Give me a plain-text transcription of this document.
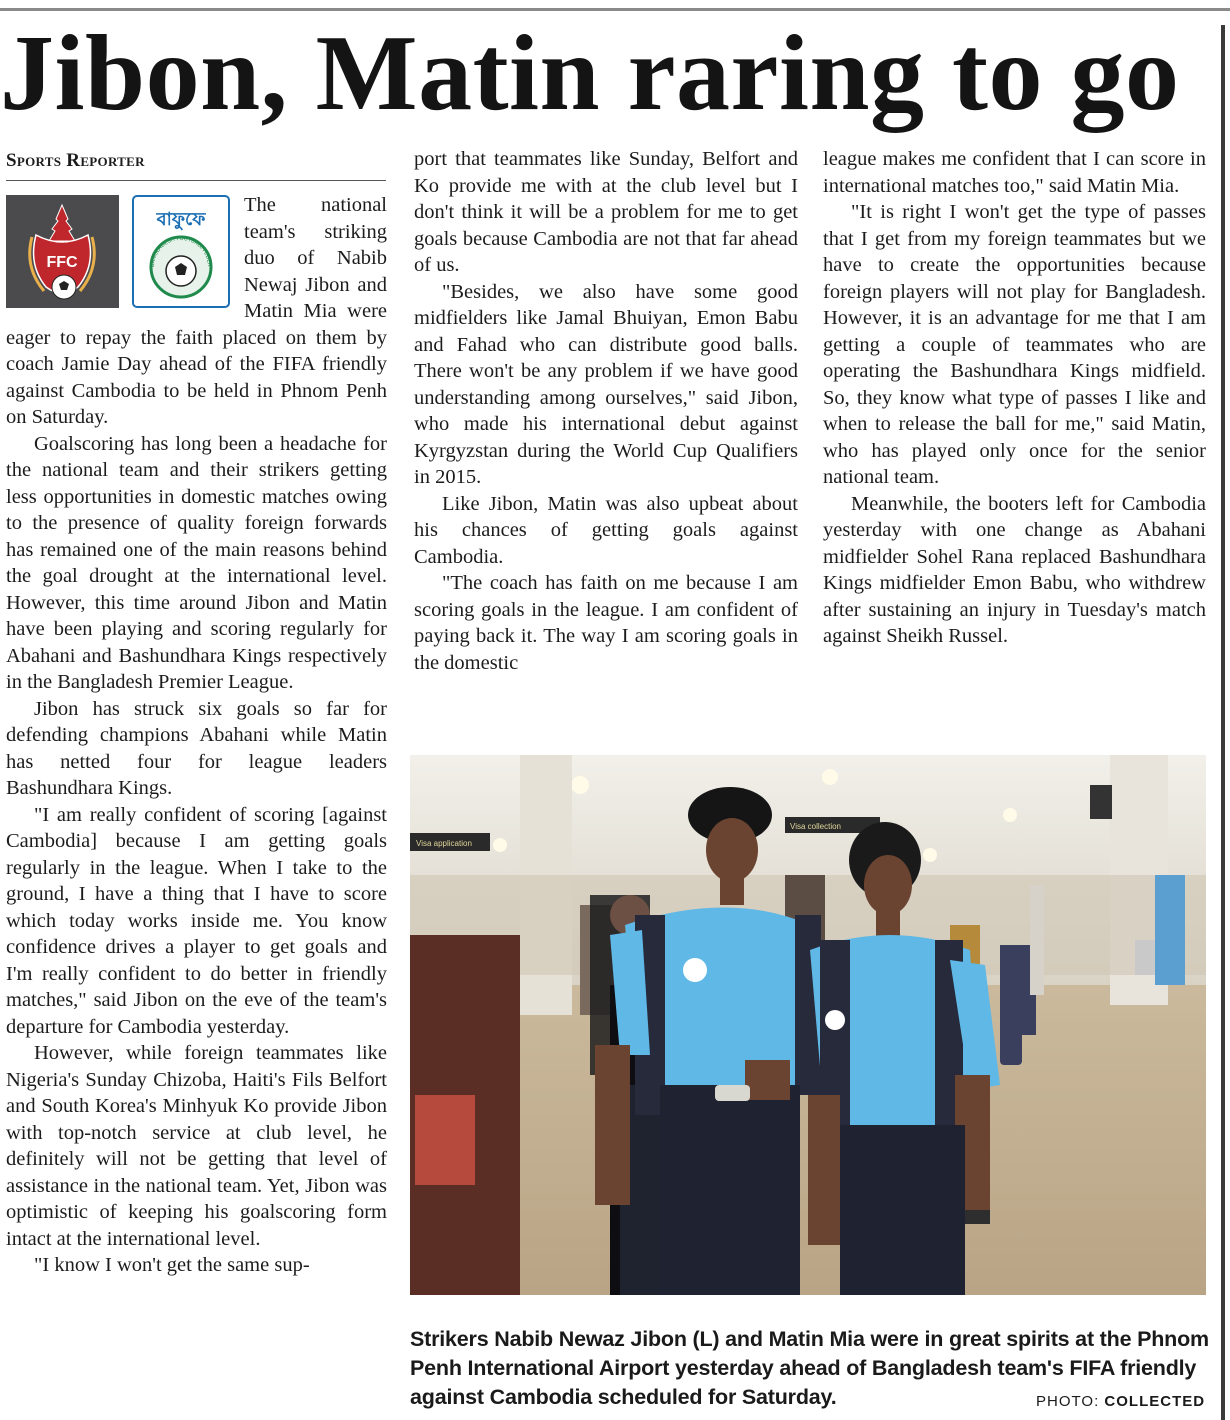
Jibon, Matin raring to go
Sports Reporter
FFC
বাফুফে
BANGLADESH FOOTBALL FEDER

The national team's striking duo of Nabib Newaj Jibon and Matin Mia were eager to repay the faith placed on them by coach Jamie Day ahead of the FIFA friendly against Cambodia to be held in Phnom Penh on Saturday.

Goalscoring has long been a headache for the national team and their strikers getting less opportunities in domestic matches owing to the presence of quality foreign forwards has remained one of the main reasons behind the goal drought at the international level. However, this time around Jibon and Matin have been playing and scoring regularly for Abahani and Bashundhara Kings respectively in the Bangladesh Premier League.

Jibon has struck six goals so far for defending champions Abahani while Matin has netted four for league leaders Bashundhara Kings.

"I am really confident of scoring [against Cambodia] because I am getting goals regularly in the league. When I take to the ground, I have a thing that I have to score which today works inside me. You know confidence drives a player to get goals and I'm really confident to do better in friendly matches," said Jibon on the eve of the team's departure for Cambodia yesterday.

However, while foreign teammates like Nigeria's Sunday Chizoba, Haiti's Fils Belfort and South Korea's Minhyuk Ko provide Jibon with top-notch service at club level, he definitely will not be getting that level of assistance in the national team. Yet, Jibon was optimistic of keeping his goalscoring form intact at the international level.

"I know I won't get the same sup-

port that teammates like Sunday, Belfort and Ko provide me with at the club level but I don't think it will be a problem for me to get goals because Cambodia are not that far ahead of us.

"Besides, we also have some good midfielders like Jamal Bhuiyan, Emon Babu and Fahad who can distribute good balls. There won't be any problem if we have good understanding among ourselves," said Jibon, who made his international debut against Kyrgyzstan during the World Cup Qualifiers in 2015.

Like Jibon, Matin was also upbeat about his chances of getting goals against Cambodia.

"The coach has faith on me because I am scoring goals in the league. I am confident of paying back it. The way I am scoring goals in the domestic

league makes me confident that I can score in international matches too," said Matin Mia.

"It is right I won't get the type of passes that I get from my foreign teammates but we have to create the opportunities because foreign players will not play for Bangladesh. However, it is an advantage for me that I am getting a couple of teammates who are operating the Bashundhara Kings midfield. So, they know what type of passes I like and when to release the ball for me," said Matin, who has played only once for the senior national team.

Meanwhile, the booters left for Cambodia yesterday with one change as Abahani midfielder Sohel Rana replaced Bashundhara Kings midfielder Emon Babu, who withdrew after sustaining an injury in Tuesday's match against Sheikh Russel.

Visa application
Visa collection
Strikers Nabib Newaz Jibon (L) and Matin Mia were in great spirits at the Phnom Penh International Airport yesterday ahead of Bangladesh team's FIFA friendly against Cambodia scheduled for Saturday.	PHOTO: COLLECTED
